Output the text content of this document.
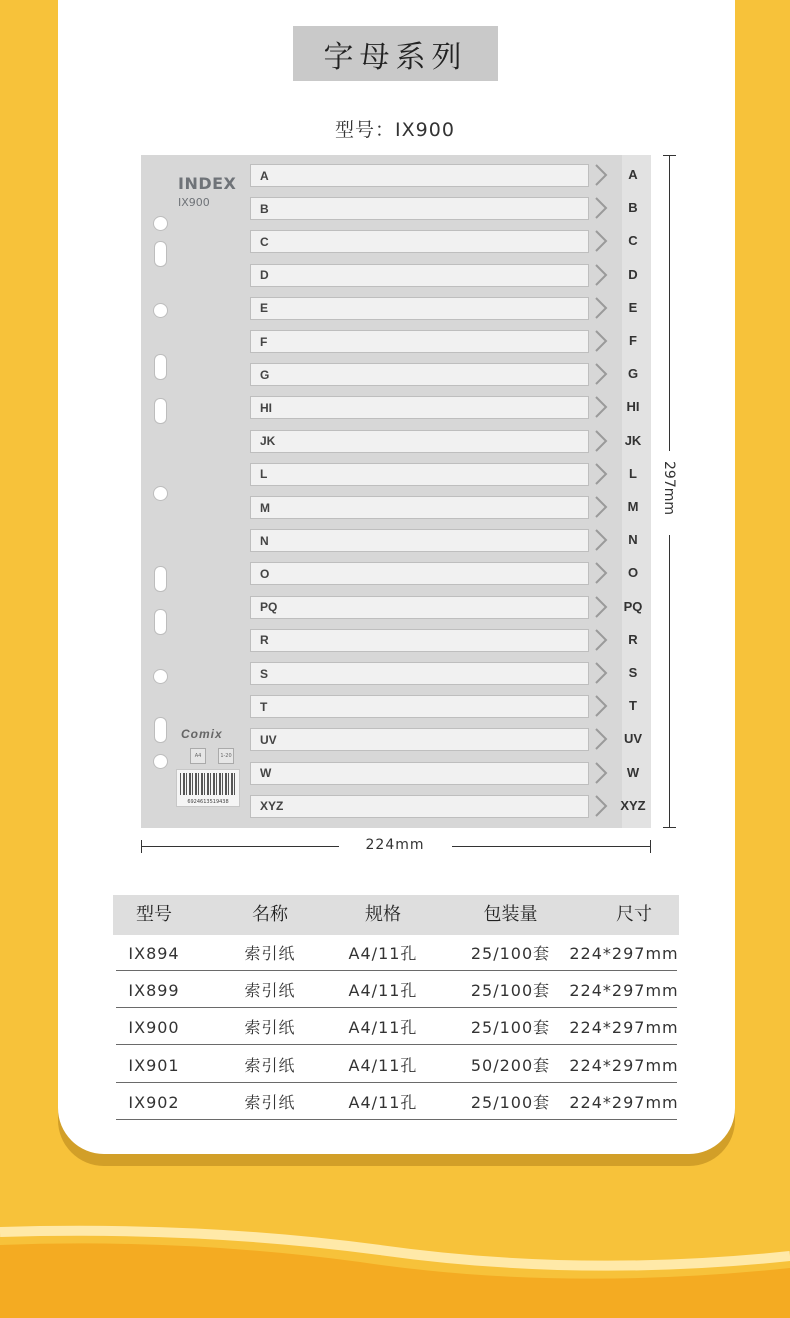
字母系列
型号：IX900
INDEX
IX900
A	A
B	B
C	C
D	D
E	E
F	F
G	G
HI	HI
JK	JK
L	L
M	M
N	N
O	O
PQ	PQ
R	R
S	S
T	T
UV	UV
W	W
XYZ	XYZ
Comix
A4	1-20
6924613519438
297mm
224mm
型号	名称	规格	包装量	尺寸
IX894	索引纸	A4/11孔	25/100套	224*297mm
IX899	索引纸	A4/11孔	25/100套	224*297mm
IX900	索引纸	A4/11孔	25/100套	224*297mm
IX901	索引纸	A4/11孔	50/200套	224*297mm
IX902	索引纸	A4/11孔	25/100套	224*297mm
